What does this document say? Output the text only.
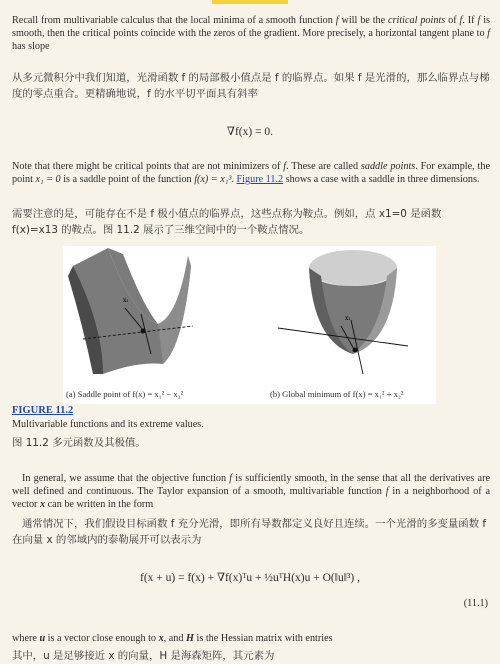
Recall from multivariable calculus that the local minima of a smooth function f will be the critical points of f. If f is smooth, then the critical points coincide with the zeros of the gradient. More precisely, a horizontal tangent plane to f has slope
从多元微积分中我们知道，光滑函数 f 的局部极小值点是 f 的临界点。如果 f 是光滑的，那么临界点与梯度的零点重合。更精确地说，f 的水平切平面具有斜率
∇f(x) = 0.
Note that there might be critical points that are not minimizers of f. These are called saddle points. For example, the point x₁ = 0 is a saddle point of the function f(x) = x₁³. Figure 11.2 shows a case with a saddle in three dimensions.
需要注意的是，可能存在不是 f 极小值点的临界点，这些点称为鞍点。例如，点 x1=0 是函数 f(x)=x13 的鞍点。图 11.2 展示了三维空间中的一个鞍点情况。
x₁
x₁
(a) Saddle point of f(x) = x₁² − x₂²	(b) Global minimum of f(x) = x₁² + x₂²
FIGURE 11.2
Multivariable functions and its extreme values.
图 11.2 多元函数及其极值。
In general, we assume that the objective function f is sufficiently smooth, in the sense that all the derivatives are well defined and continuous. The Taylor expansion of a smooth, multivariable function f in a neighborhood of a vector x can be written in the form
通常情况下，我们假设目标函数 f 充分光滑，即所有导数都定义良好且连续。一个光滑的多变量函数 f 在向量 x 的邻域内的泰勒展开可以表示为
f(x + u) = f(x) + ∇f(x)ᵀu + ½uᵀH(x)u + O(‖u‖³) ,
(11.1)
where u is a vector close enough to x, and H is the Hessian matrix with entries
其中，u 是足够接近 x 的向量，H 是海森矩阵，其元素为
